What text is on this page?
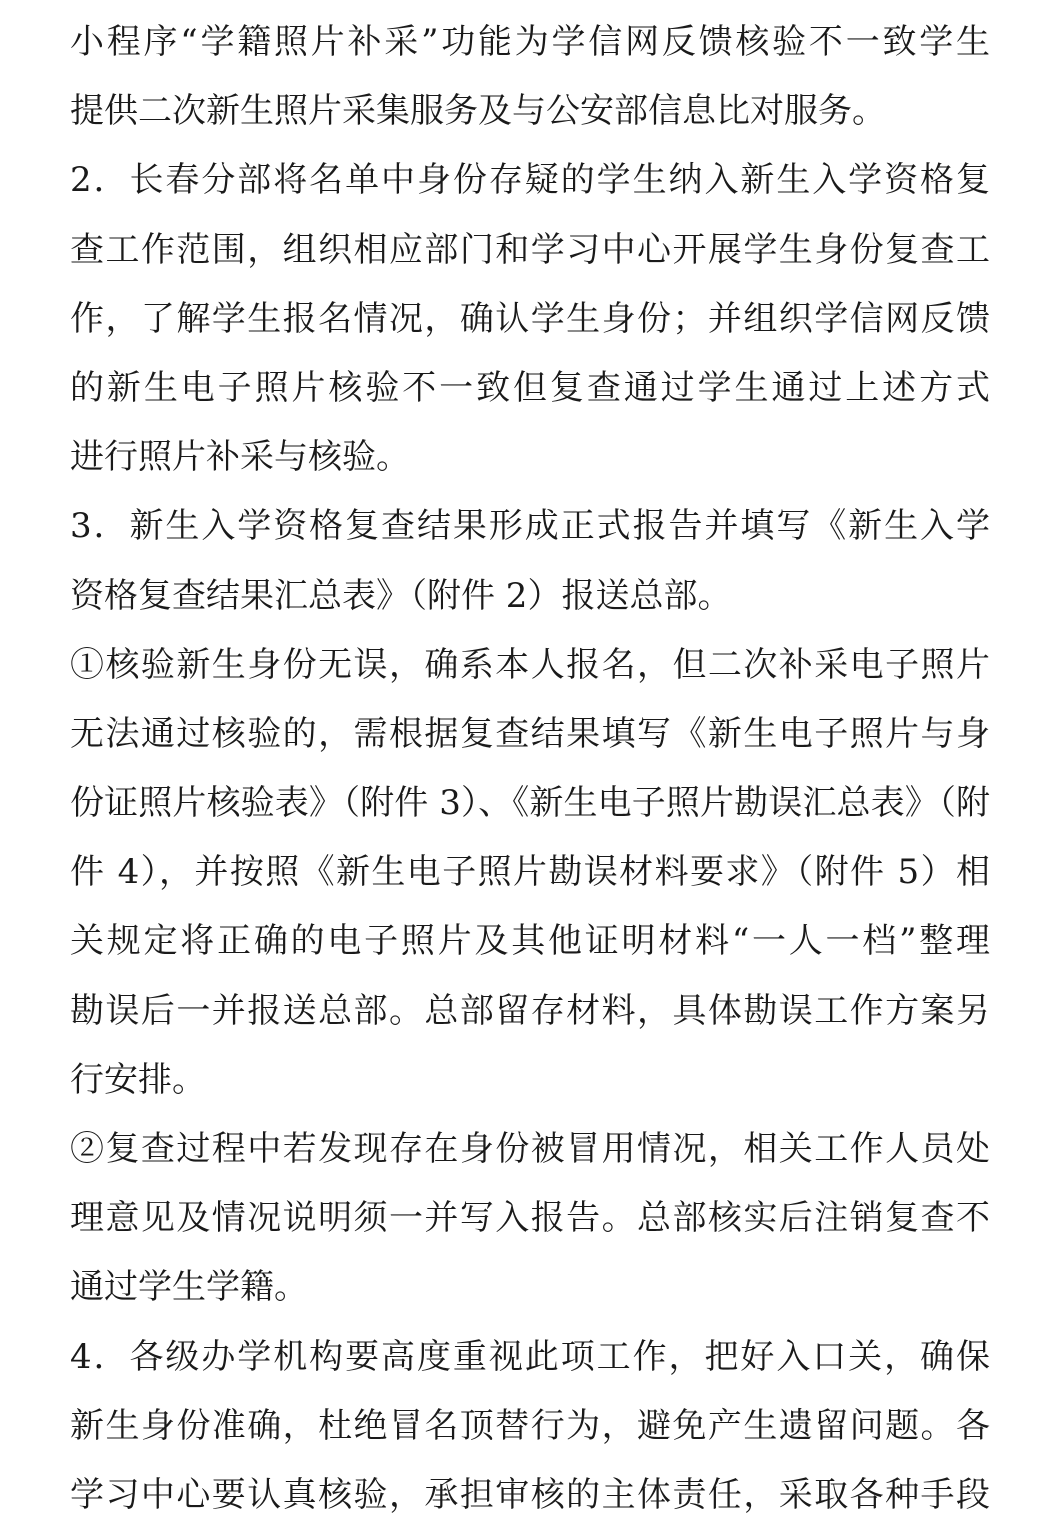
小程序“学籍照片补采”功能为学信网反馈核验不一致学生
提供二次新生照片采集服务及与公安部信息比对服务。
2．长春分部将名单中身份存疑的学生纳入新生入学资格复
查工作范围，组织相应部门和学习中心开展学生身份复查工
作，了解学生报名情况，确认学生身份；并组织学信网反馈
的新生电子照片核验不一致但复查通过学生通过上述方式
进行照片补采与核验。
3．新生入学资格复查结果形成正式报告并填写《新生入学
资格复查结果汇总表》（附件 2）报送总部。
①核验新生身份无误，确系本人报名，但二次补采电子照片
无法通过核验的，需根据复查结果填写《新生电子照片与身
份证照片核验表》（附件 3）、《新生电子照片勘误汇总表》（附
件 4），并按照《新生电子照片勘误材料要求》（附件 5）相
关规定将正确的电子照片及其他证明材料“一人一档”整理
勘误后一并报送总部。总部留存材料，具体勘误工作方案另
行安排。
②复查过程中若发现存在身份被冒用情况，相关工作人员处
理意见及情况说明须一并写入报告。总部核实后注销复查不
通过学生学籍。
4．各级办学机构要高度重视此项工作，把好入口关，确保
新生身份准确，杜绝冒名顶替行为，避免产生遗留问题。各
学习中心要认真核验，承担审核的主体责任，采取各种手段
